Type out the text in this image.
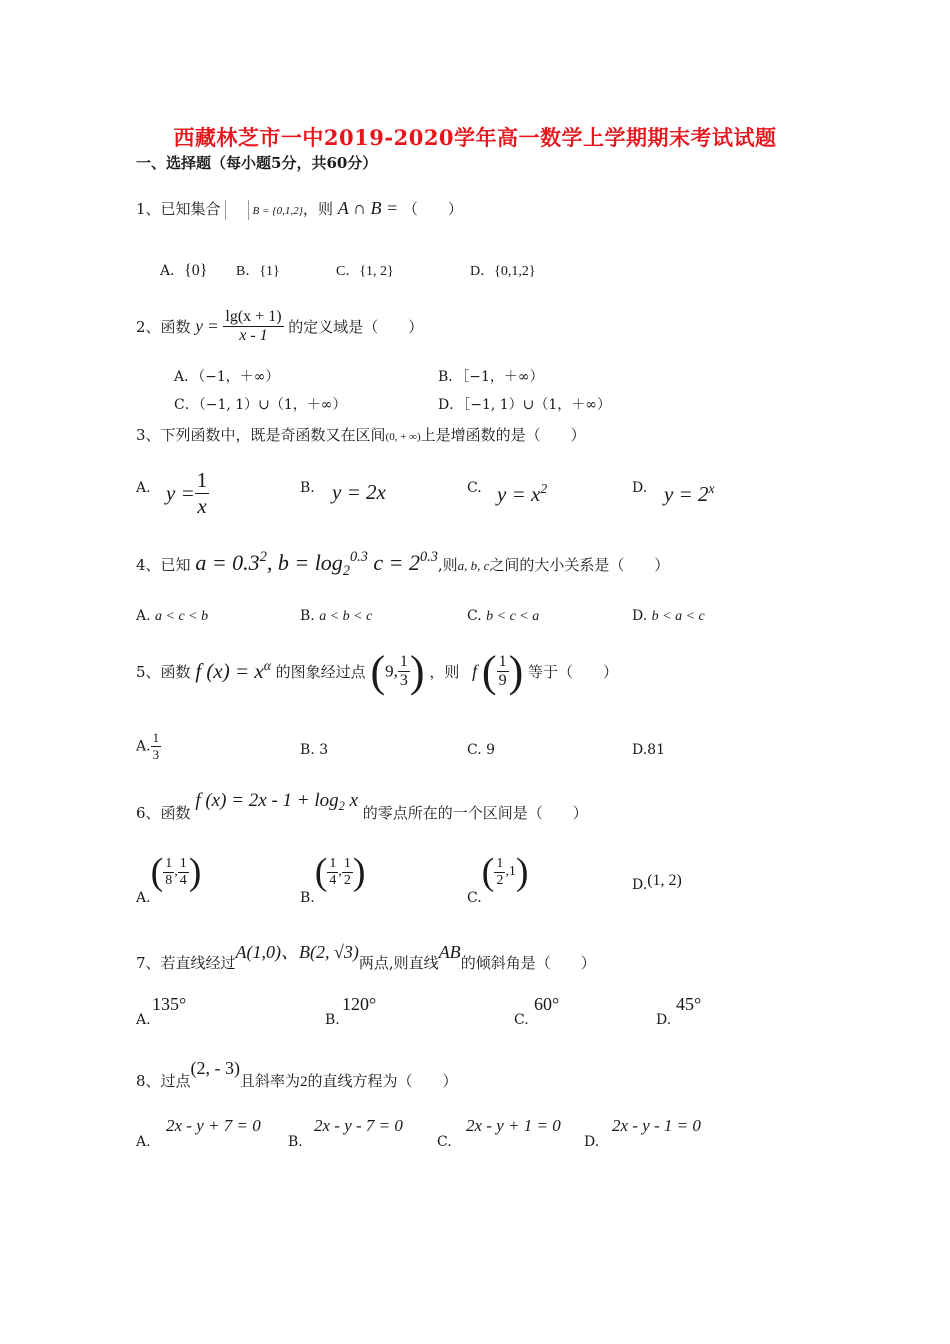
西藏林芝市一中2019-2020学年高一数学上学期期末考试试题
一、选择题（每小题5分，共60分）
1、已知集合	B = {0,1,2}，则 A ∩ B = （　　）
A．{0} B．{1}	C．{1, 2}	D．{0,1,2}
2、函数 $y = \frac{\lg(x + 1)}{x - 1}$ 的定义域是（　　）
A．（−1，＋∞）	B．［−1，＋∞）
C．（−1, 1）∪（1，＋∞）	D．［−1, 1）∪（1，＋∞）
3、下列函数中，既是奇函数又在区间(0, + ∞)上是增函数的是（　　）
A. $y = \frac{1}{x}$	B. y = 2x	C. $y = x^2$	D. $y = 2^x$
4、已知 $a = 0.3^2$, $b = \log_2^{0.3} c = 2^{0.3}$,则a, b, c之间的大小关系是（　　）
A. a < c < b	B. a < b < c	C. b < c < a	D. b < a < c
5、函数 f $(x) = x^\alpha$ 的图象经过点 (9, $\frac{1}{3}$ ) ，则 f ( $\frac{1}{9}$ ) 等于（　　）
A. $\frac{1}{3}$	B. 3	C. 9	D.81
6、函数 f $(x) = 2x - 1 + \log_2 x$ 的零点所在的一个区间是（　　）
$A.( \frac{1}{8}$ , $\frac{1}{4}$ )
$B.( \frac{1}{4}$ , $\frac{1}{2}$ )
$C.( \frac{1}{2} ,1)$	D.(1, 2)
7、若直线经过A(1,0)、B(2, √3)两点,则直线AB的倾斜角是（　　）
A.
135°
B.
120°
C.
60°
D.
45°
8、过点(2, - 3)且斜率为2的直线方程为（　　）
A.
2x - y + 7 = 0
B.
2x - y - 7 = 0
C.
2x - y + 1 = 0
D.
2x - y - 1 = 0
